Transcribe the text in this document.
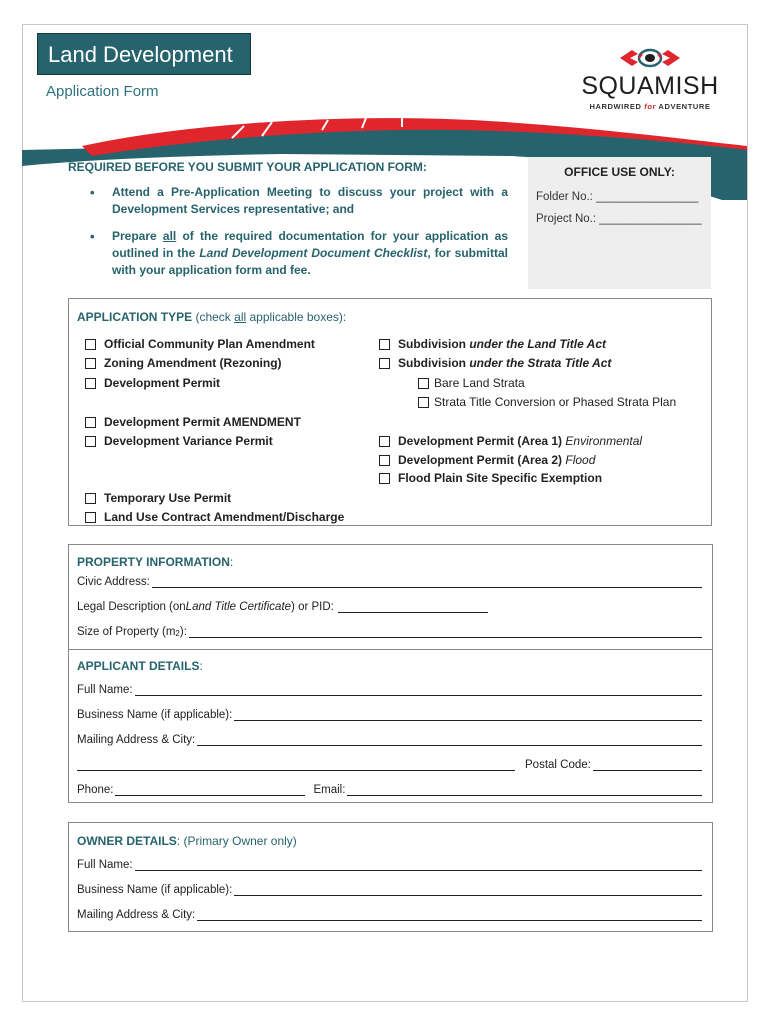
Land Development
Application Form	SQUAMISH
HARDWIRED for ADVENTURE
OFFICE USE ONLY:
Folder No.: ________________
Project No.: ________________
REQUIRED BEFORE YOU SUBMIT YOUR APPLICATION FORM:
• Attend a Pre-Application Meeting to discuss your project with a Development Services representative; and
• Prepare all of the required documentation for your application as outlined in the Land Development Document Checklist, for submittal with your application form and fee.
APPLICATION TYPE (check all applicable boxes):
Official Community Plan Amendment
Zoning Amendment (Rezoning)
Development Permit
Development Permit AMENDMENT
Development Variance Permit
Temporary Use Permit
Land Use Contract Amendment/Discharge
Subdivision under the Land Title Act
Subdivision under the Strata Title Act
Bare Land Strata
Strata Title Conversion or Phased Strata Plan
Development Permit (Area 1) Environmental
Development Permit (Area 2) Flood
Flood Plain Site Specific Exemption
PROPERTY INFORMATION:
Civic Address:
Legal Description (on Land Title Certificate ) or PID:
Size of Property (m 2 ):
APPLICANT DETAILS:
Full Name:
Business Name (if applicable):
Mailing Address & City:
Postal Code:
Phone:	Email:
OWNER DETAILS: (Primary Owner only)
Full Name:
Business Name (if applicable):
Mailing Address & City:
